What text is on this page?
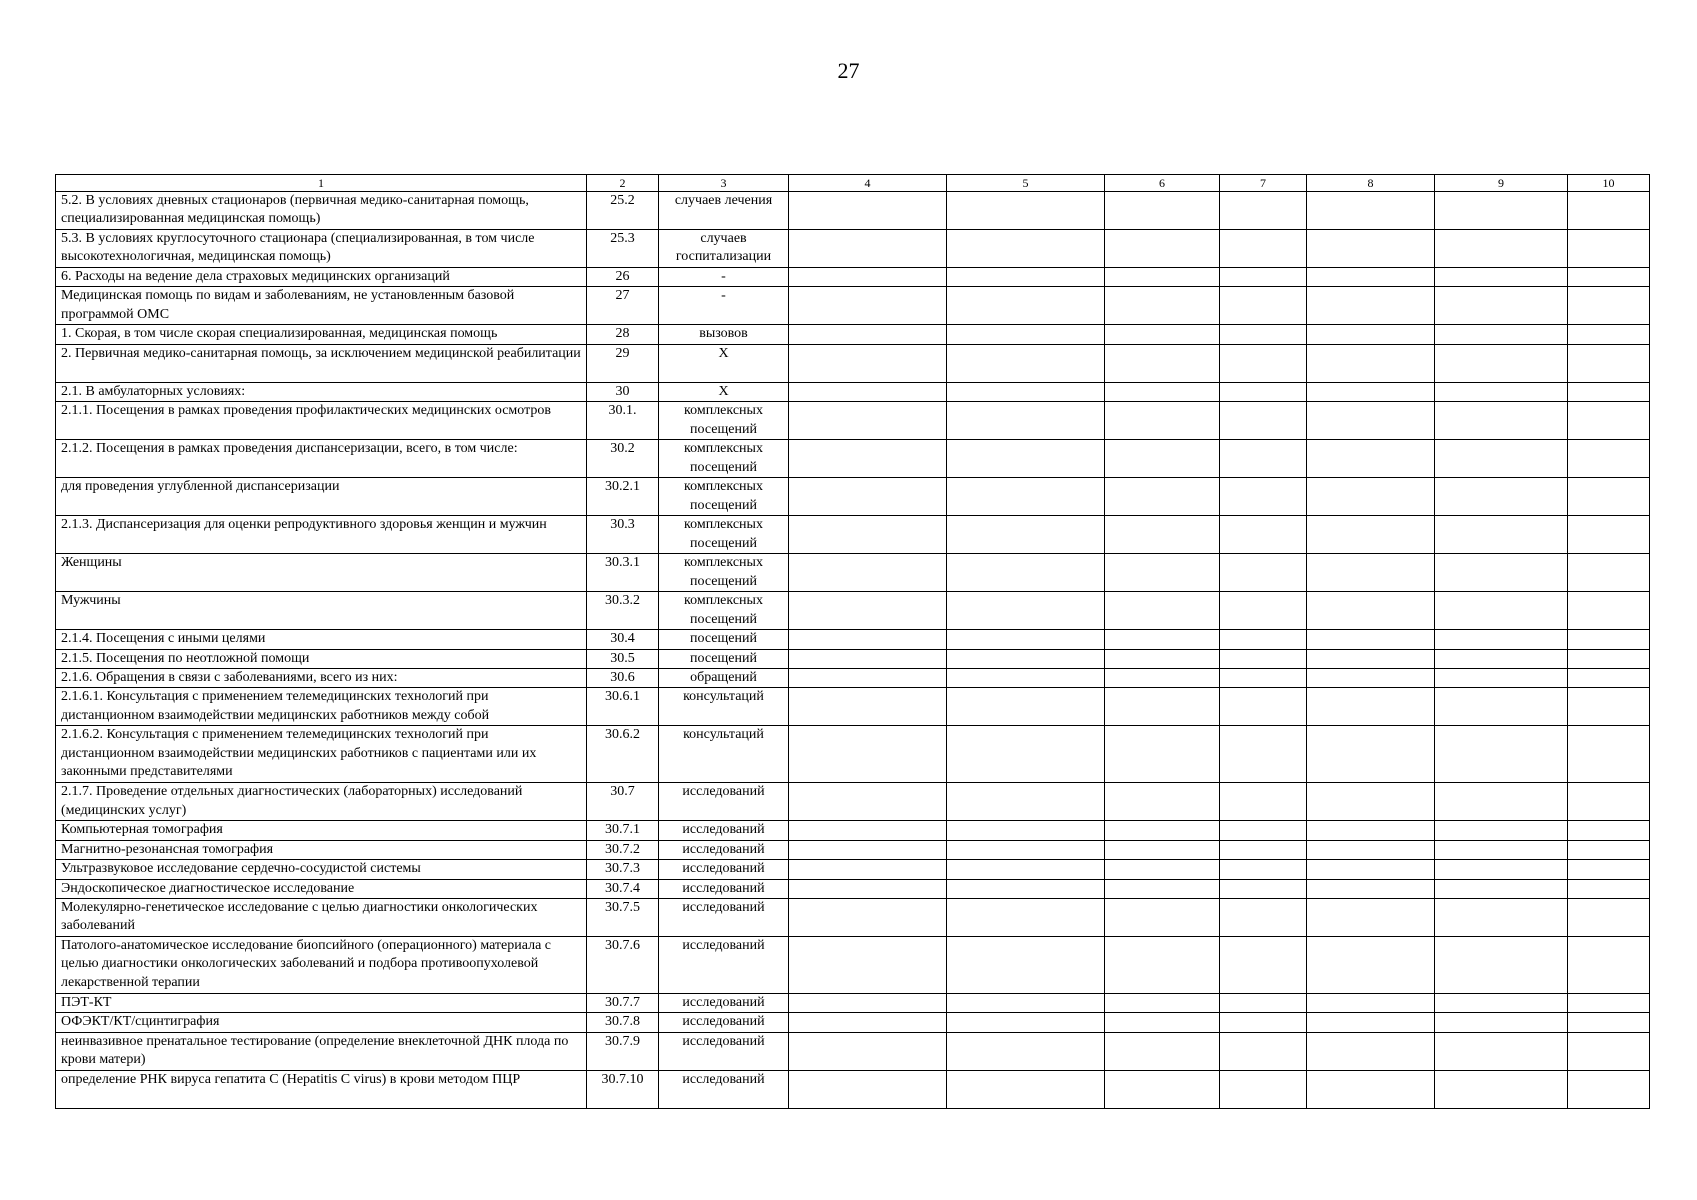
27
1	2	3	4	5	6	7	8	9	10
5.2. В условиях дневных стационаров (первичная медико-санитарная помощь, специализированная медицинская помощь)	25.2	случаев лечения							
5.3. В условиях круглосуточного стационара (специализированная, в том числе высокотехнологичная, медицинская помощь)	25.3	случаев госпитализации							
6. Расходы на ведение дела страховых медицинских организаций	26	-							
Медицинская помощь по видам и заболеваниям, не установленным базовой программой ОМС	27	-							
1. Скорая, в том числе скорая специализированная, медицинская помощь	28	вызовов							
2. Первичная медико-санитарная помощь, за исключением медицинской реабилитации	29	X							
2.1. В амбулаторных условиях:	30	X							
2.1.1. Посещения в рамках проведения профилактических медицинских осмотров	30.1.	комплексных посещений							
2.1.2. Посещения в рамках проведения диспансеризации, всего, в том числе:	30.2	комплексных посещений							
для проведения углубленной диспансеризации	30.2.1	комплексных посещений							
2.1.3. Диспансеризация для оценки репродуктивного здоровья женщин и мужчин	30.3	комплексных посещений							
Женщины	30.3.1	комплексных посещений							
Мужчины	30.3.2	комплексных посещений							
2.1.4. Посещения с иными целями	30.4	посещений							
2.1.5. Посещения по неотложной помощи	30.5	посещений							
2.1.6. Обращения в связи с заболеваниями, всего из них:	30.6	обращений							
2.1.6.1. Консультация с применением телемедицинских технологий при дистанционном взаимодействии медицинских работников между собой	30.6.1	консультаций							
2.1.6.2. Консультация с применением телемедицинских технологий при дистанционном взаимодействии медицинских работников с пациентами или их законными представителями	30.6.2	консультаций							
2.1.7. Проведение отдельных диагностических (лабораторных) исследований (медицинских услуг)	30.7	исследований							
Компьютерная томография	30.7.1	исследований							
Магнитно-резонансная томография	30.7.2	исследований							
Ультразвуковое исследование сердечно-сосудистой системы	30.7.3	исследований							
Эндоскопическое диагностическое исследование	30.7.4	исследований							
Молекулярно-генетическое исследование с целью диагностики онкологических заболеваний	30.7.5	исследований							
Патолого-анатомическое исследование биопсийного (операционного) материала с целью диагностики онкологических заболеваний и подбора противоопухолевой лекарственной терапии	30.7.6	исследований							
ПЭТ-КТ	30.7.7	исследований							
ОФЭКТ/КТ/сцинтиграфия	30.7.8	исследований							
неинвазивное пренатальное тестирование (определение внеклеточной ДНК плода по крови матери)	30.7.9	исследований							
определение РНК вируса гепатита С (Hepatitis C virus) в крови методом ПЦР	30.7.10	исследований							
